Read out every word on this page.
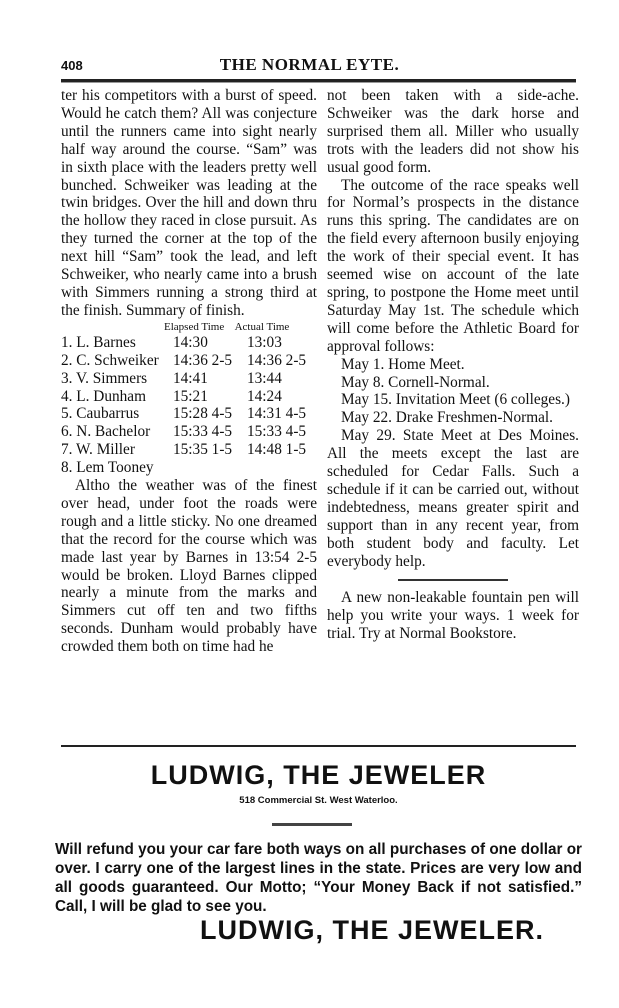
408	THE NORMAL EYTE.

ter his competitors with a burst of speed. Would he catch them? All was conjecture until the runners came into sight nearly half way around the course. “Sam” was in sixth place with the leaders pretty well bunched. Schweiker was leading at the twin bridges. Over the hill and down thru the hollow they raced in close pursuit. As they turned the corner at the top of the next hill “Sam” took the lead, and left Schweiker, who nearly came into a brush with Simmers running a strong third at the finish. Summary of finish.

Elapsed Time Actual Time
1. L. Barnes	14:30	13:03
2. C. Schweiker 14:36 2-5 14:36 2-5
3. V. Simmers	14:41	13:44
4. L. Dunham	15:21	14:24
5. Caubarrus	15:28 4-5 14:31 4-5
6. N. Bachelor	15:33 4-5 15:33 4-5
7. W. Miller	15:35 1-5 14:48 1-5
8. Lem Tooney

Altho the weather was of the finest over head, under foot the roads were rough and a little sticky. No one dreamed that the record for the course which was made last year by Barnes in 13:54 2-5 would be broken. Lloyd Barnes clipped nearly a minute from the marks and Simmers cut off ten and two fifths seconds. Dunham would probably have crowded them both on time had he

not been taken with a side-ache. Schweiker was the dark horse and surprised them all. Miller who usually trots with the leaders did not show his usual good form.

The outcome of the race speaks well for Normal’s prospects in the distance runs this spring. The candidates are on the field every afternoon busily enjoying the work of their special event. It has seemed wise on account of the late spring, to postpone the Home meet until Saturday May 1st. The schedule which will come before the Athletic Board for approval follows:

May 1. Home Meet.

May 8. Cornell-Normal.

May 15. Invitation Meet (6 colleges.)

May 22. Drake Freshmen-Normal.

May 29. State Meet at Des Moines. All the meets except the last are scheduled for Cedar Falls. Such a schedule if it can be carried out, without indebtedness, means greater spirit and support than in any recent year, from both student body and faculty. Let everybody help.

A new non-leakable fountain pen will help you write your ways. 1 week for trial. Try at Normal Bookstore.

LUDWIG, THE JEWELER
518 Commercial St. West Waterloo.
Will refund you your car fare both ways on all purchases of one dollar or over. I carry one of the largest lines in the state. Prices are very low and all goods guaranteed. Our Motto; “Your Money Back if not satisfied.” Call, I will be glad to see you.
LUDWIG, THE JEWELER.
